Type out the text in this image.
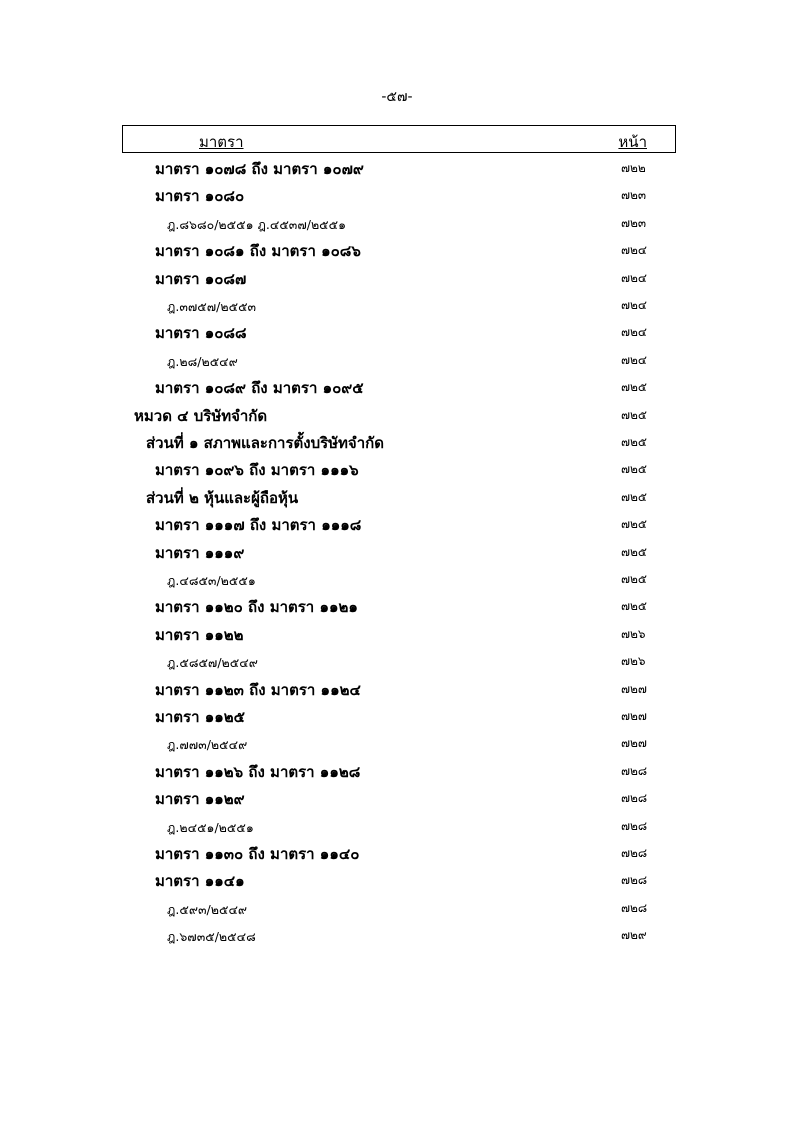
-๕๗-
มาตรา	หน้า
มาตรา ๑๐๗๘ ถึง มาตรา ๑๐๗๙	๗๒๒
มาตรา ๑๐๘๐	๗๒๓
ฎ.๘๖๘๐/๒๕๕๑ ฎ.๔๕๓๗/๒๕๕๑	๗๒๓
มาตรา ๑๐๘๑ ถึง มาตรา ๑๐๘๖	๗๒๔
มาตรา ๑๐๘๗	๗๒๔
ฎ.๓๗๕๗/๒๕๕๓	๗๒๔
มาตรา ๑๐๘๘	๗๒๔
ฎ.๒๘/๒๕๔๙	๗๒๔
มาตรา ๑๐๘๙ ถึง มาตรา ๑๐๙๕	๗๒๕
หมวด ๔ บริษัทจำกัด	๗๒๕
ส่วนที่ ๑ สภาพและการตั้งบริษัทจำกัด	๗๒๕
มาตรา ๑๐๙๖ ถึง มาตรา ๑๑๑๖	๗๒๕
ส่วนที่ ๒ หุ้นและผู้ถือหุ้น	๗๒๕
มาตรา ๑๑๑๗ ถึง มาตรา ๑๑๑๘	๗๒๕
มาตรา ๑๑๑๙	๗๒๕
ฎ.๔๘๕๓/๒๕๕๑	๗๒๕
มาตรา ๑๑๒๐ ถึง มาตรา ๑๑๒๑	๗๒๕
มาตรา ๑๑๒๒	๗๒๖
ฎ.๕๘๕๗/๒๕๔๙	๗๒๖
มาตรา ๑๑๒๓ ถึง มาตรา ๑๑๒๔	๗๒๗
มาตรา ๑๑๒๕	๗๒๗
ฎ.๗๗๓/๒๕๔๙	๗๒๗
มาตรา ๑๑๒๖ ถึง มาตรา ๑๑๒๘	๗๒๘
มาตรา ๑๑๒๙	๗๒๘
ฎ.๒๔๕๑/๒๕๕๑	๗๒๘
มาตรา ๑๑๓๐ ถึง มาตรา ๑๑๔๐	๗๒๘
มาตรา ๑๑๔๑	๗๒๘
ฎ.๕๙๓/๒๕๔๙	๗๒๘
ฎ.๖๗๓๕/๒๕๔๘	๗๒๙
